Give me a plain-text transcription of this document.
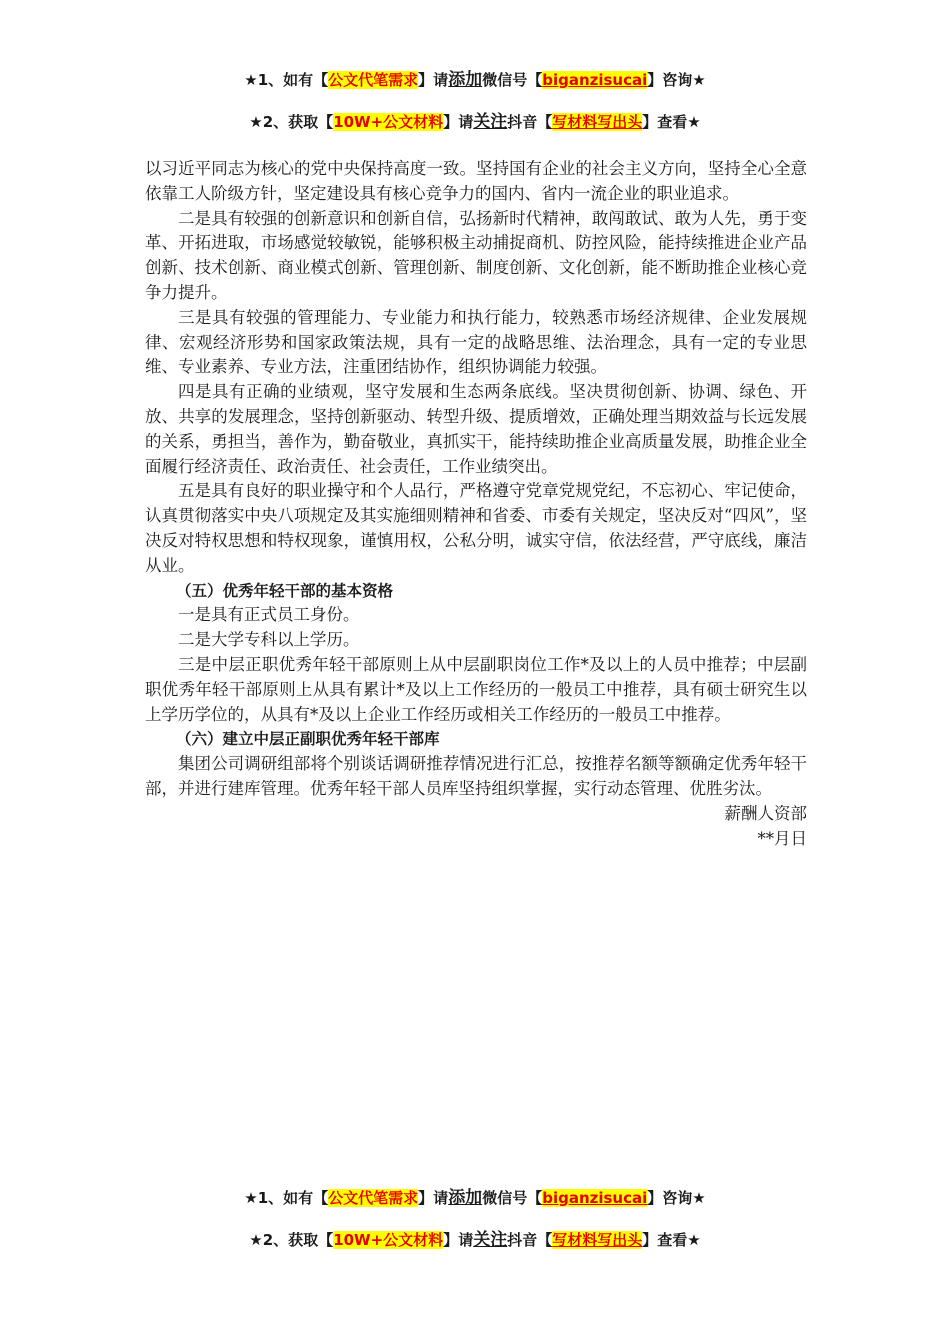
★1、如有【公文代笔需求】请添加微信号【biganzisucai】咨询★
★2、获取【10W+公文材料】请关注抖音【写材料写出头】查看★

以习近平同志为核心的党中央保持高度一致。坚持国有企业的社会主义方向，坚持全心全意依靠工人阶级方针，坚定建设具有核心竞争力的国内、省内一流企业的职业追求。

二是具有较强的创新意识和创新自信，弘扬新时代精神，敢闯敢试、敢为人先，勇于变革、开拓进取，市场感觉较敏锐，能够积极主动捕捉商机、防控风险，能持续推进企业产品创新、技术创新、商业模式创新、管理创新、制度创新、文化创新，能不断助推企业核心竞争力提升。

三是具有较强的管理能力、专业能力和执行能力，较熟悉市场经济规律、企业发展规律、宏观经济形势和国家政策法规，具有一定的战略思维、法治理念，具有一定的专业思维、专业素养、专业方法，注重团结协作，组织协调能力较强。

四是具有正确的业绩观，坚守发展和生态两条底线。坚决贯彻创新、协调、绿色、开放、共享的发展理念，坚持创新驱动、转型升级、提质增效，正确处理当期效益与长远发展的关系，勇担当，善作为，勤奋敬业，真抓实干，能持续助推企业高质量发展，助推企业全面履行经济责任、政治责任、社会责任，工作业绩突出。

五是具有良好的职业操守和个人品行，严格遵守党章党规党纪，不忘初心、牢记使命，认真贯彻落实中央八项规定及其实施细则精神和省委、市委有关规定，坚决反对“四风”，坚决反对特权思想和特权现象，谨慎用权，公私分明，诚实守信，依法经营，严守底线，廉洁从业。

（五）优秀年轻干部的基本资格

一是具有正式员工身份。

二是大学专科以上学历。

三是中层正职优秀年轻干部原则上从中层副职岗位工作*及以上的人员中推荐；中层副职优秀年轻干部原则上从具有累计*及以上工作经历的一般员工中推荐，具有硕士研究生以上学历学位的，从具有*及以上企业工作经历或相关工作经历的一般员工中推荐。

（六）建立中层正副职优秀年轻干部库

集团公司调研组部将个别谈话调研推荐情况进行汇总，按推荐名额等额确定优秀年轻干部，并进行建库管理。优秀年轻干部人员库坚持组织掌握，实行动态管理、优胜劣汰。

薪酬人资部

**月日

★1、如有【公文代笔需求】请添加微信号【biganzisucai】咨询★
★2、获取【10W+公文材料】请关注抖音【写材料写出头】查看★
